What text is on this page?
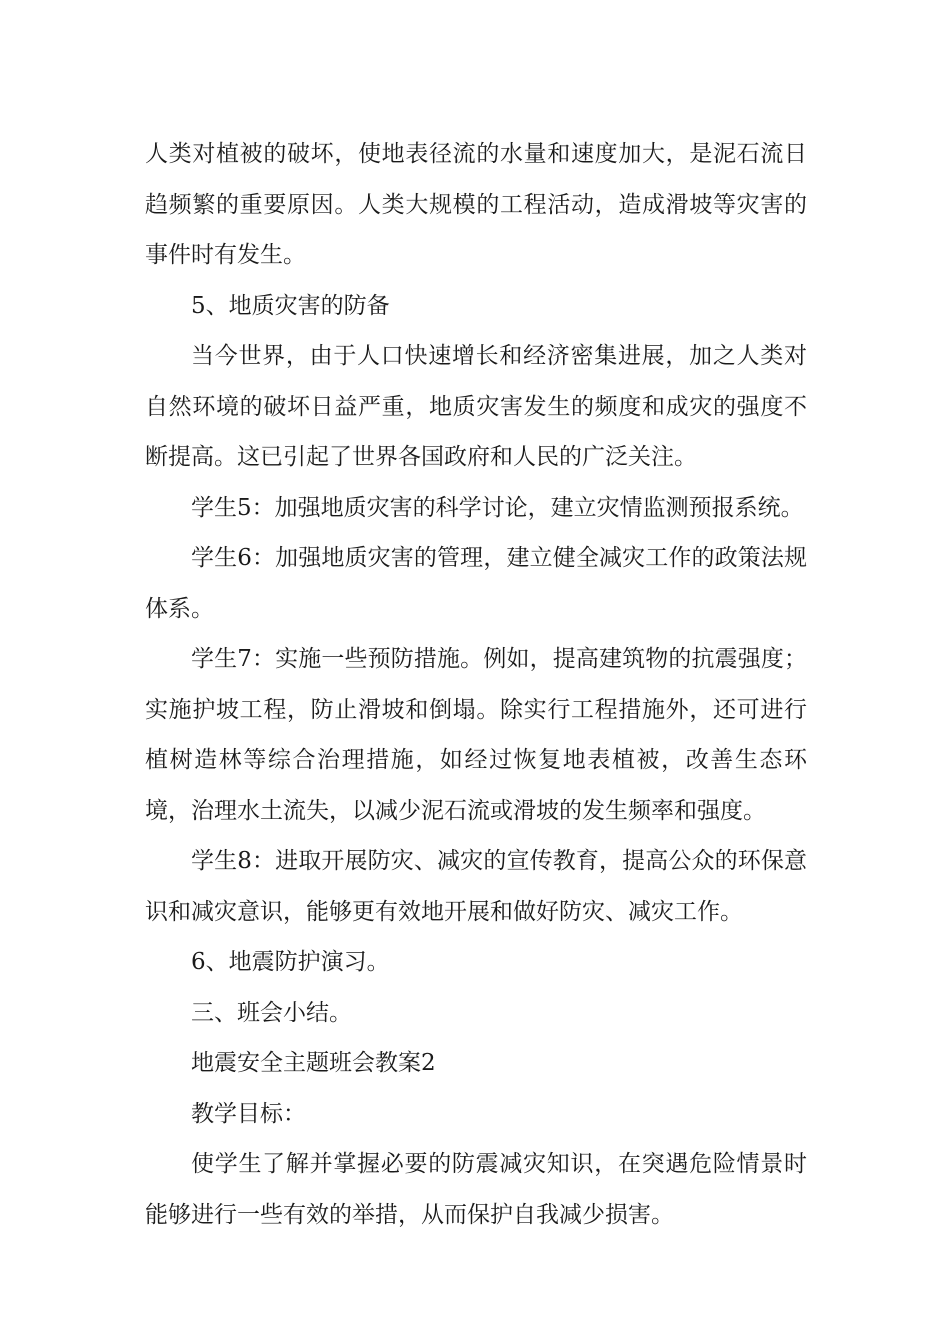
人类对植被的破坏，使地表径流的水量和速度加大，是泥石流日趋频繁的重要原因。人类大规模的工程活动，造成滑坡等灾害的事件时有发生。

5、地质灾害的防备

当今世界，由于人口快速增长和经济密集进展，加之人类对自然环境的破坏日益严重，地质灾害发生的频度和成灾的强度不断提高。这已引起了世界各国政府和人民的广泛关注。

学生5：加强地质灾害的科学讨论，建立灾情监测预报系统。

学生6：加强地质灾害的管理，建立健全减灾工作的政策法规体系。

学生7：实施一些预防措施。例如，提高建筑物的抗震强度；实施护坡工程，防止滑坡和倒塌。除实行工程措施外，还可进行植树造林等综合治理措施，如经过恢复地表植被，改善生态环境，治理水土流失，以减少泥石流或滑坡的发生频率和强度。

学生8：进取开展防灾、减灾的宣传教育，提高公众的环保意识和减灾意识，能够更有效地开展和做好防灾、减灾工作。

6、地震防护演习。

三、班会小结。

地震安全主题班会教案2

教学目标：

使学生了解并掌握必要的防震减灾知识，在突遇危险情景时能够进行一些有效的举措，从而保护自我减少损害。
